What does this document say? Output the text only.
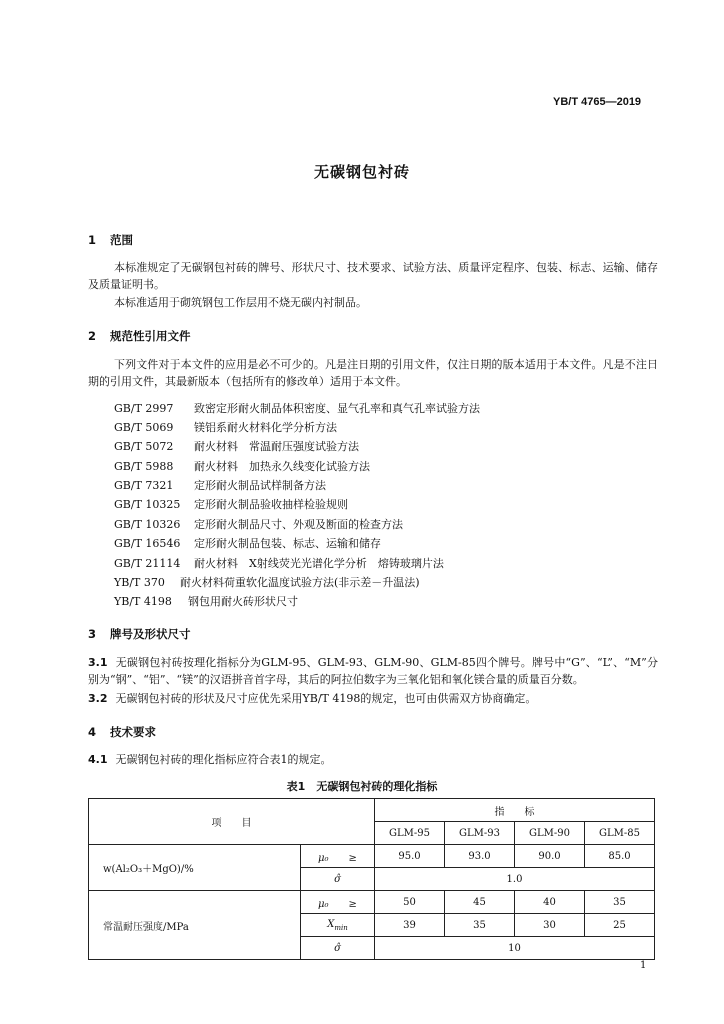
YB/T 4765—2019
无碳钢包衬砖
1 范围
本标准规定了无碳钢包衬砖的牌号、形状尺寸、技术要求、试验方法、质量评定程序、包装、标志、运输、储存及质量证明书。
本标准适用于砌筑钢包工作层用不烧无碳内衬制品。
2 规范性引用文件
下列文件对于本文件的应用是必不可少的。凡是注日期的引用文件，仅注日期的版本适用于本文件。凡是不注日期的引用文件，其最新版本（包括所有的修改单）适用于本文件。
GB/T 2997 致密定形耐火制品体积密度、显气孔率和真气孔率试验方法
GB/T 5069 镁铝系耐火材料化学分析方法
GB/T 5072 耐火材料　常温耐压强度试验方法
GB/T 5988 耐火材料　加热永久线变化试验方法
GB/T 7321 定形耐火制品试样制备方法
GB/T 10325 定形耐火制品验收抽样检验规则
GB/T 10326 定形耐火制品尺寸、外观及断面的检查方法
GB/T 16546 定形耐火制品包装、标志、运输和储存
GB/T 21114 耐火材料　X射线荧光光谱化学分析　熔铸玻璃片法
YB/T 370 耐火材料荷重软化温度试验方法(非示差－升温法)
YB/T 4198 钢包用耐火砖形状尺寸
3 牌号及形状尺寸
3.1 无碳钢包衬砖按理化指标分为GLM-95、GLM-93、GLM-90、GLM-85四个牌号。牌号中“G”、“L”、“M”分别为“钢”、“铝”、“镁”的汉语拼音首字母，其后的阿拉伯数字为三氧化铝和氧化镁合量的质量百分数。
3.2 无碳钢包衬砖的形状及尺寸应优先采用YB/T 4198的规定，也可由供需双方协商确定。
4 技术要求
4.1 无碳钢包衬砖的理化指标应符合表1的规定。
表1　无碳钢包衬砖的理化指标
项　　目		指　　标			
		GLM-95	GLM-93	GLM-90	GLM-85
w(Al₂O₃＋MgO)/%	μ₀　　≥	95.0	93.0	90.0	85.0
	σ̂	1.0			
常温耐压强度/MPa	μ₀　　≥	50	45	40	35
	$X_{min}$	39	35	30	25
	σ̂	10			
1
